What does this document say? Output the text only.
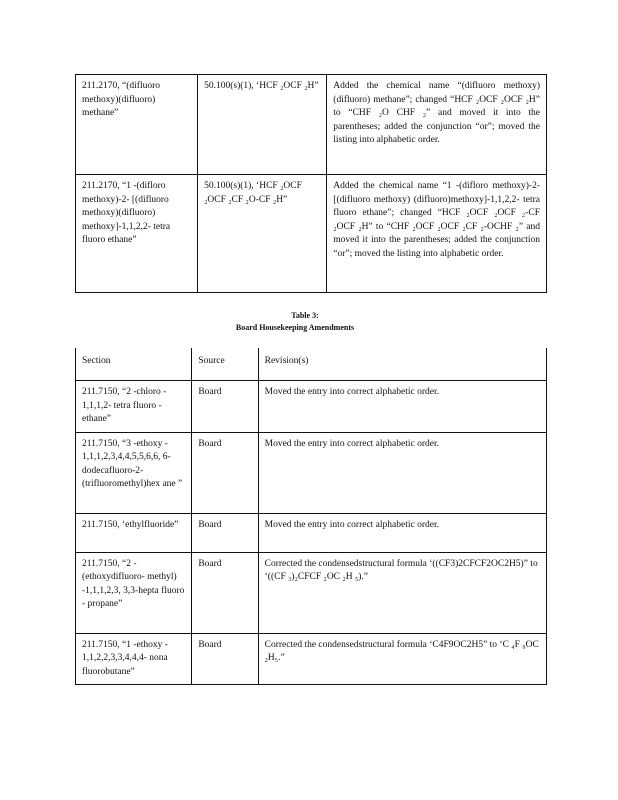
211.2170, “(difluoro methoxy)(difluoro) methane”	50.100(s)(1), ‘HCF ₂OCF ₂H”	Added the chemical name “(difluoro methoxy)(difluoro) methane”; changed “HCF ₂OCF ₂OCF ₂H” to “CHF ₂O CHF ₂” and moved it into the parentheses; added the conjunction “or”; moved the listing into alphabetic order.
211.2170, “1 -(difloro methoxy)-2- [(difluoro methoxy)(difluoro) methoxy]-1,1,2,2- tetra fluoro ethane”	50.100(s)(1), ‘HCF ₂OCF ₂OCF ₂CF ₂O-CF ₂H”	Added the chemical name “1 -(difloro methoxy)-2- [(difluoro methoxy) (difluoro)methoxy]-1,1,2,2- tetra fluoro ethane”; changed “HCF ₂OCF ₂OCF ₂-CF ₂OCF ₂H” to “CHF ₂OCF ₂OCF ₂CF ₂-OCHF ₂” and moved it into the parentheses; added the conjunction “or”; moved the listing into alphabetic order.
Table 3:
Board Housekeeping Amendments
Section	Source	Revision(s)
211.7150, “2 -chloro - 1,1,1,2- tetra fluoro - ethane”	Board	Moved the entry into correct alphabetic order.
211.7150, “3 -ethoxy - 1,1,1,2,3,4,4,5,5,6,6, 6-dodecafluoro-2- (trifluoromethyl)hex ane ”	Board	Moved the entry into correct alphabetic order.
211.7150, ‘ethylfluoride”	Board	Moved the entry into correct alphabetic order.
211.7150, “2 - (ethoxydifluoro- methyl) -1,1,1,2,3, 3,3-hepta fluoro - propane”	Board	Corrected the condensedstructural formula ‘((CF3)2CFCF2OC2H5)” to ‘((CF ₃)₂CFCF ₂OC ₂H ₅).”
211.7150, “1 -ethoxy - 1,1,2,2,3,3,4,4,4- nona fluorobutane”	Board	Corrected the condensedstructural formula ‘C4F9OC2H5” to ‘C ₄F ₉OC ₂H₅.”
